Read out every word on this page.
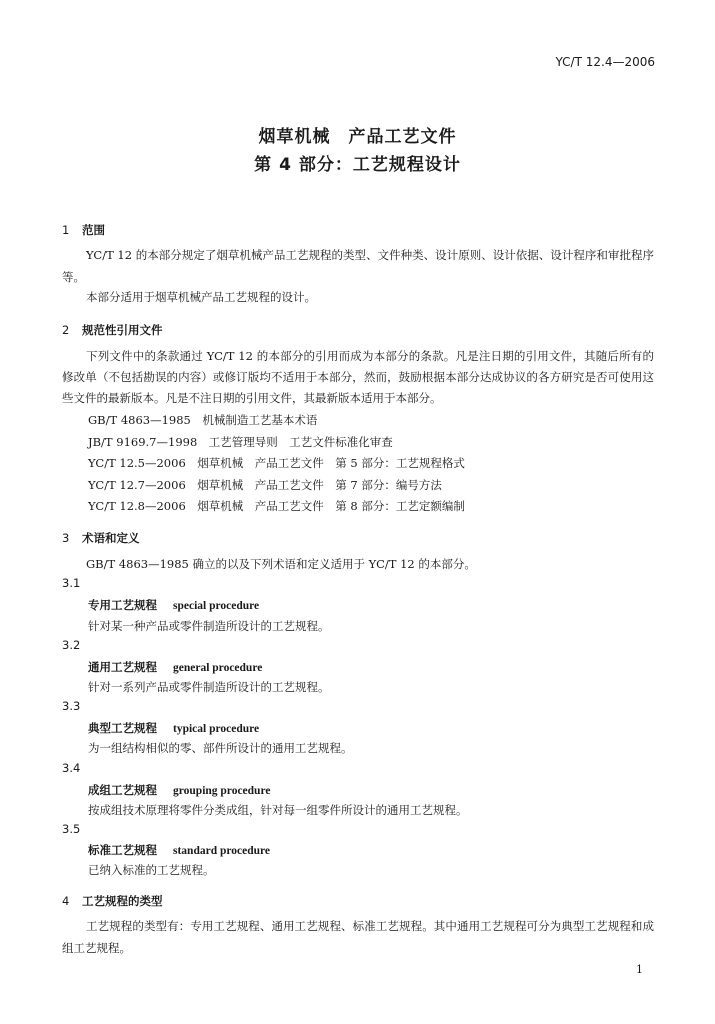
YC/T 12.4—2006
烟草机械　产品工艺文件
第 4 部分：工艺规程设计
1 范围
YC/T 12 的本部分规定了烟草机械产品工艺规程的类型、文件种类、设计原则、设计依据、设计程序和审批程序等。
本部分适用于烟草机械产品工艺规程的设计。
2 规范性引用文件
下列文件中的条款通过 YC/T 12 的本部分的引用而成为本部分的条款。凡是注日期的引用文件，其随后所有的修改单（不包括勘误的内容）或修订版均不适用于本部分，然而，鼓励根据本部分达成协议的各方研究是否可使用这些文件的最新版本。凡是不注日期的引用文件，其最新版本适用于本部分。
GB/T 4863—1985　机械制造工艺基本术语
JB/T 9169.7—1998　工艺管理导则　工艺文件标准化审查
YC/T 12.5—2006　烟草机械　产品工艺文件　第 5 部分：工艺规程格式
YC/T 12.7—2006　烟草机械　产品工艺文件　第 7 部分：编号方法
YC/T 12.8—2006　烟草机械　产品工艺文件　第 8 部分：工艺定额编制
3 术语和定义
GB/T 4863—1985 确立的以及下列术语和定义适用于 YC/T 12 的本部分。
3.1
专用工艺规程 special procedure
针对某一种产品或零件制造所设计的工艺规程。
3.2
通用工艺规程 general procedure
针对一系列产品或零件制造所设计的工艺规程。
3.3
典型工艺规程 typical procedure
为一组结构相似的零、部件所设计的通用工艺规程。
3.4
成组工艺规程 grouping procedure
按成组技术原理将零件分类成组，针对每一组零件所设计的通用工艺规程。
3.5
标准工艺规程 standard procedure
已纳入标准的工艺规程。
4 工艺规程的类型
工艺规程的类型有：专用工艺规程、通用工艺规程、标准工艺规程。其中通用工艺规程可分为典型工艺规程和成组工艺规程。
1
